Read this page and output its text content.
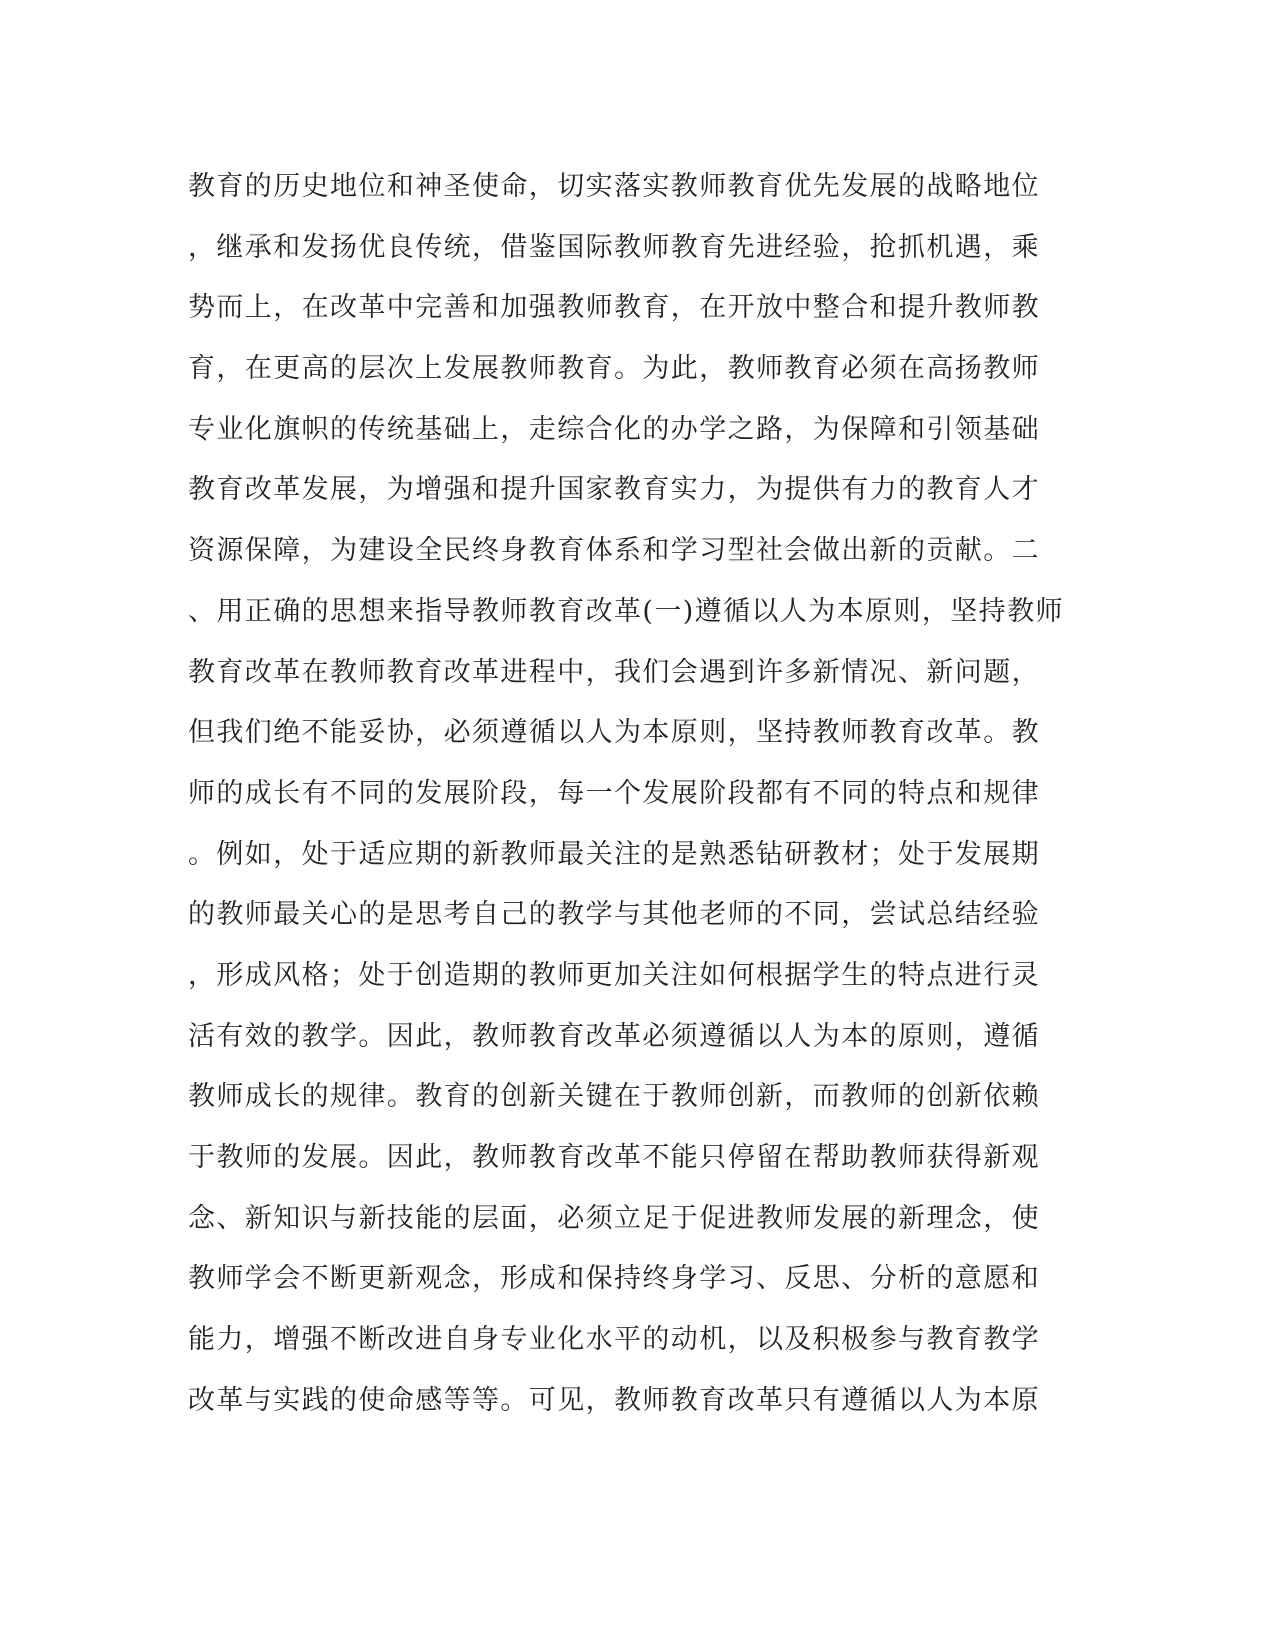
教育的历史地位和神圣使命，切实落实教师教育优先发展的战略地位
，继承和发扬优良传统，借鉴国际教师教育先进经验，抢抓机遇，乘
势而上，在改革中完善和加强教师教育，在开放中整合和提升教师教
育，在更高的层次上发展教师教育。为此，教师教育必须在高扬教师
专业化旗帜的传统基础上，走综合化的办学之路，为保障和引领基础
教育改革发展，为增强和提升国家教育实力，为提供有力的教育人才
资源保障，为建设全民终身教育体系和学习型社会做出新的贡献。二
、用正确的思想来指导教师教育改革(一)遵循以人为本原则，坚持教师
教育改革在教师教育改革进程中，我们会遇到许多新情况、新问题，
但我们绝不能妥协，必须遵循以人为本原则，坚持教师教育改革。教
师的成长有不同的发展阶段，每一个发展阶段都有不同的特点和规律
。例如，处于适应期的新教师最关注的是熟悉钻研教材；处于发展期
的教师最关心的是思考自己的教学与其他老师的不同，尝试总结经验
，形成风格；处于创造期的教师更加关注如何根据学生的特点进行灵
活有效的教学。因此，教师教育改革必须遵循以人为本的原则，遵循
教师成长的规律。教育的创新关键在于教师创新，而教师的创新依赖
于教师的发展。因此，教师教育改革不能只停留在帮助教师获得新观
念、新知识与新技能的层面，必须立足于促进教师发展的新理念，使
教师学会不断更新观念，形成和保持终身学习、反思、分析的意愿和
能力，增强不断改进自身专业化水平的动机，以及积极参与教育教学
改革与实践的使命感等等。可见，教师教育改革只有遵循以人为本原
